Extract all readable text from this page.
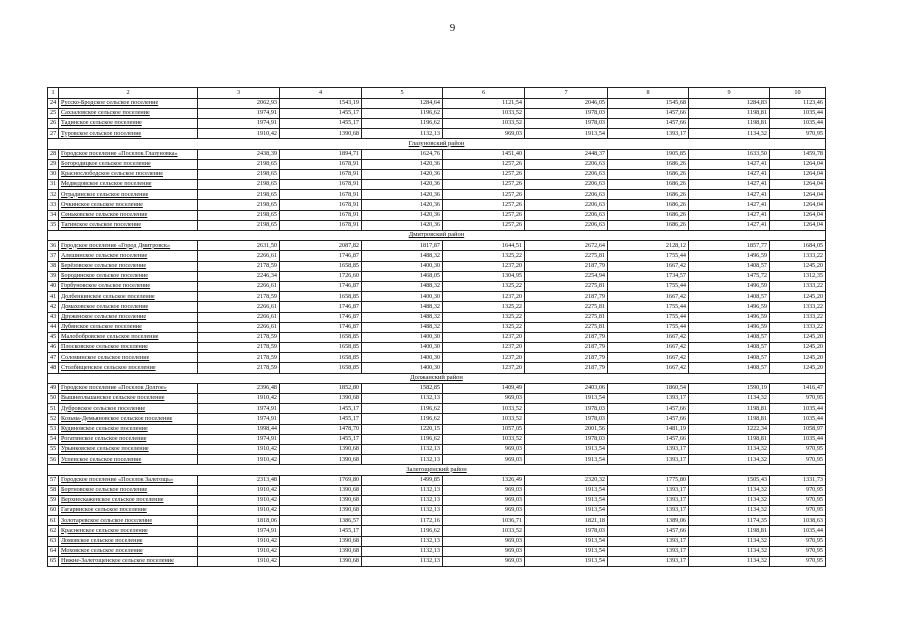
9
1	2	3	4	5	6	7	8	9	10
24	Русско-Бродское сельское поселение	2062,93	1543,19	1284,64	1121,54	2046,05	1545,68	1284,83	1123,46
25	Сахзаловское сельское поселение	1974,91	1455,17	1196,62	1033,52	1978,03	1457,66	1198,81	1035,44
26	Тадинское сельское поселение	1974,91	1455,17	1196,62	1033,52	1978,03	1457,66	1198,81	1035,44
27	Туровское сельское поселение	1910,42	1390,68	1132,13	969,03	1913,54	1393,17	1134,32	970,95
Глазуновский район									
28	Городское поселение «Поселок Глазуновка»	2438,39	1894,71	1624,76	1451,40	2448,37	1905,85	1633,50	1459,78
29	Богородицкое сельское поселение	2198,65	1678,91	1420,36	1257,26	2206,63	1686,26	1427,41	1264,04
30	Краснослободское сельское поселение	2198,65	1678,91	1420,36	1257,26	2206,63	1686,26	1427,41	1264,04
31	Медведовское сельское поселение	2198,65	1678,91	1420,36	1257,26	2206,63	1686,26	1427,41	1264,04
32	Отрадинское сельское поселение	2198,65	1678,91	1420,36	1257,26	2206,63	1686,26	1427,41	1264,04
33	Очкинское сельское поселение	2198,65	1678,91	1420,36	1257,26	2206,63	1686,26	1427,41	1264,04
34	Сеньковское сельское поселение	2198,65	1678,91	1420,36	1257,26	2206,63	1686,26	1427,41	1264,04
35	Тагинское сельское поселение	2198,65	1678,91	1420,36	1257,26	2206,63	1686,26	1427,41	1264,04
Дмитровский район									
36	Городское поселение «Город Дмитровск»	2631,50	2087,82	1817,87	1644,51	2672,64	2128,12	1857,77	1684,05
37	Алешинское сельское поселение	2266,61	1746,87	1488,32	1325,22	2275,81	1755,44	1496,59	1333,22
38	Берёзовское сельское поселение	2178,59	1658,85	1400,30	1237,20	2187,79	1667,42	1408,57	1245,20
39	Бородинское сельское поселение	2246,34	1726,60	1468,05	1304,95	2254,94	1734,57	1475,72	1312,35
40	Горбуновское сельское поселение	2266,61	1746,87	1488,32	1325,22	2275,81	1755,44	1496,59	1333,22
41	Долбенкинское сельское поселение	2178,59	1658,85	1400,30	1237,20	2187,79	1667,42	1408,57	1245,20
42	Домаховское сельское поселение	2266,61	1746,87	1488,32	1325,22	2275,81	1755,44	1496,59	1333,22
43	Друженское сельское поселение	2266,61	1746,87	1488,32	1325,22	2275,81	1755,44	1496,59	1333,22
44	Лубянское сельское поселение	2266,61	1746,87	1488,32	1325,22	2275,81	1755,44	1496,59	1333,22
45	Малобобровское сельское поселение	2178,59	1658,85	1400,30	1237,20	2187,79	1667,42	1408,57	1245,20
46	Плосковское сельское поселение	2178,59	1658,85	1400,30	1237,20	2187,79	1667,42	1408,57	1245,20
47	Соломинское сельское поселение	2178,59	1658,85	1400,30	1237,20	2187,79	1667,42	1408,57	1245,20
48	Столбищенское сельское поселение	2178,59	1658,85	1400,30	1237,20	2187,79	1667,42	1408,57	1245,20
Должанский район									
49	Городское поселение «Поселок Долгое»	2396,48	1852,80	1582,85	1409,49	2403,06	1860,54	1590,19	1416,47
50	Вышнеольшанское сельское поселение	1910,42	1390,68	1132,13	969,03	1913,54	1393,17	1134,32	970,95
51	Дубровское сельское поселение	1974,91	1455,17	1196,62	1033,52	1978,03	1457,66	1198,81	1035,44
52	Козьма-Демьяновское сельское поселение	1974,91	1455,17	1196,62	1033,52	1978,03	1457,66	1198,81	1035,44
53	Кудиновское сельское поселение	1998,44	1478,70	1220,15	1057,05	2001,56	1481,19	1222,34	1058,97
54	Рогатинское сельское поселение	1974,91	1455,17	1196,62	1033,52	1978,03	1457,66	1198,81	1035,44
55	Урынковское сельское поселение	1910,42	1390,68	1132,13	969,03	1913,54	1393,17	1134,32	970,95
56	Успенское сельское поселение	1910,42	1390,68	1132,13	969,03	1913,54	1393,17	1134,32	970,95
Залегощенский район									
57	Городское поселение «Поселок Залегощь»	2313,48	1769,80	1499,85	1326,49	2320,32	1775,80	1505,43	1331,73
58	Бортновское сельское поселение	1910,42	1390,68	1132,13	969,03	1913,54	1393,17	1134,32	970,95
59	Верхнескаженское сельское поселение	1910,42	1390,68	1132,13	969,03	1913,54	1393,17	1134,32	970,95
60	Гагаринское сельское поселение	1910,42	1390,68	1132,13	969,03	1913,54	1393,17	1134,32	970,95
61	Золотаревское сельское поселение	1818,06	1386,57	1172,16	1036,71	1821,18	1389,06	1174,35	1038,63
62	Красненское сельское поселение	1974,91	1455,17	1196,62	1033,52	1978,03	1457,66	1198,81	1035,44
63	Ломовское сельское поселение	1910,42	1390,68	1132,13	969,03	1913,54	1393,17	1134,32	970,95
64	Моховское сельское поселение	1910,42	1390,68	1132,13	969,03	1913,54	1393,17	1134,32	970,95
65	Нижне-Залегощенское сельское поселение	1910,42	1390,68	1132,13	969,03	1913,54	1393,17	1134,32	970,95
